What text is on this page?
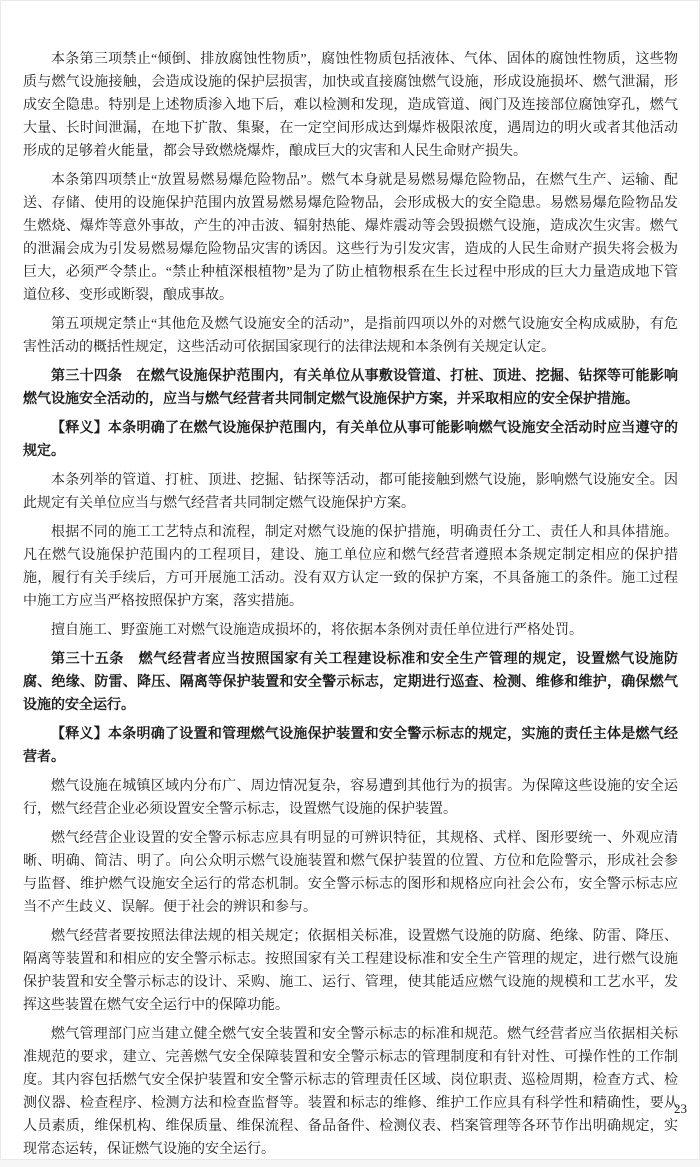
本条第三项禁止“倾倒、排放腐蚀性物质”，腐蚀性物质包括液体、气体、固体的腐蚀性物质，这些物质与燃气设施接触，会造成设施的保护层损害，加快或直接腐蚀燃气设施，形成设施损坏、燃气泄漏，形成安全隐患。特别是上述物质渗入地下后，难以检测和发现，造成管道、阀门及连接部位腐蚀穿孔，燃气大量、长时间泄漏，在地下扩散、集聚，在一定空间形成达到爆炸极限浓度，遇周边的明火或者其他活动形成的足够着火能量，都会导致燃烧爆炸，酿成巨大的灾害和人民生命财产损失。

本条第四项禁止“放置易燃易爆危险物品”。燃气本身就是易燃易爆危险物品，在燃气生产、运输、配送、存储、使用的设施保护范围内放置易燃易爆危险物品，会形成极大的安全隐患。易燃易爆危险物品发生燃烧、爆炸等意外事故，产生的冲击波、辐射热能、爆炸震动等会毁损燃气设施，造成次生灾害。燃气的泄漏会成为引发易燃易爆危险物品灾害的诱因。这些行为引发灾害，造成的人民生命财产损失将会极为巨大，必须严令禁止。“禁止种植深根植物”是为了防止植物根系在生长过程中形成的巨大力量造成地下管道位移、变形或断裂，酿成事故。

第五项规定禁止“其他危及燃气设施安全的活动”，是指前四项以外的对燃气设施安全构成威胁，有危害性活动的概括性规定，这些活动可依据国家现行的法律法规和本条例有关规定认定。

第三十四条　在燃气设施保护范围内，有关单位从事敷设管道、打桩、顶进、挖掘、钻探等可能影响燃气设施安全活动的，应当与燃气经营者共同制定燃气设施保护方案，并采取相应的安全保护措施。

【释义】本条明确了在燃气设施保护范围内，有关单位从事可能影响燃气设施安全活动时应当遵守的规定。

本条列举的管道、打桩、顶进、挖掘、钻探等活动，都可能接触到燃气设施，影响燃气设施安全。因此规定有关单位应当与燃气经营者共同制定燃气设施保护方案。

根据不同的施工工艺特点和流程，制定对燃气设施的保护措施，明确责任分工、责任人和具体措施。凡在燃气设施保护范围内的工程项目，建设、施工单位应和燃气经营者遵照本条规定制定相应的保护措施，履行有关手续后，方可开展施工活动。没有双方认定一致的保护方案，不具备施工的条件。施工过程中施工方应当严格按照保护方案，落实措施。

擅自施工、野蛮施工对燃气设施造成损坏的，将依据本条例对责任单位进行严格处罚。

第三十五条　燃气经营者应当按照国家有关工程建设标准和安全生产管理的规定，设置燃气设施防腐、绝缘、防雷、降压、隔离等保护装置和安全警示标志，定期进行巡查、检测、维修和维护，确保燃气设施的安全运行。

【释义】本条明确了设置和管理燃气设施保护装置和安全警示标志的规定，实施的责任主体是燃气经营者。

燃气设施在城镇区域内分布广、周边情况复杂，容易遭到其他行为的损害。为保障这些设施的安全运行，燃气经营企业必须设置安全警示标志，设置燃气设施的保护装置。

燃气经营企业设置的安全警示标志应具有明显的可辨识特征，其规格、式样、图形要统一、外观应清晰、明确、简洁、明了。向公众明示燃气设施装置和燃气保护装置的位置、方位和危险警示，形成社会参与监督、维护燃气设施安全运行的常态机制。安全警示标志的图形和规格应向社会公布，安全警示标志应当不产生歧义、误解。便于社会的辨识和参与。

燃气经营者要按照法律法规的相关规定；依据相关标准，设置燃气设施的防腐、绝缘、防雷、降压、隔离等装置和和相应的安全警示标志。按照国家有关工程建设标准和安全生产管理的规定，进行燃气设施保护装置和安全警示标志的设计、采购、施工、运行、管理，使其能适应燃气设施的规模和工艺水平，发挥这些装置在燃气安全运行中的保障功能。

燃气管理部门应当建立健全燃气安全装置和安全警示标志的标准和规范。燃气经营者应当依据相关标准规范的要求，建立、完善燃气安全保障装置和安全警示标志的管理制度和有针对性、可操作性的工作制度。其内容包括燃气安全保护装置和安全警示标志的管理责任区域、岗位职责、巡检周期，检查方式、检测仪器、检查程序、检测方法和检查监督等。装置和标志的维修、维护工作应具有科学性和精确性，要从人员素质，维保机构、维保质量、维保流程、备品备件、检测仪表、档案管理等各环节作出明确规定，实现常态运转，保证燃气设施的安全运行。

23
